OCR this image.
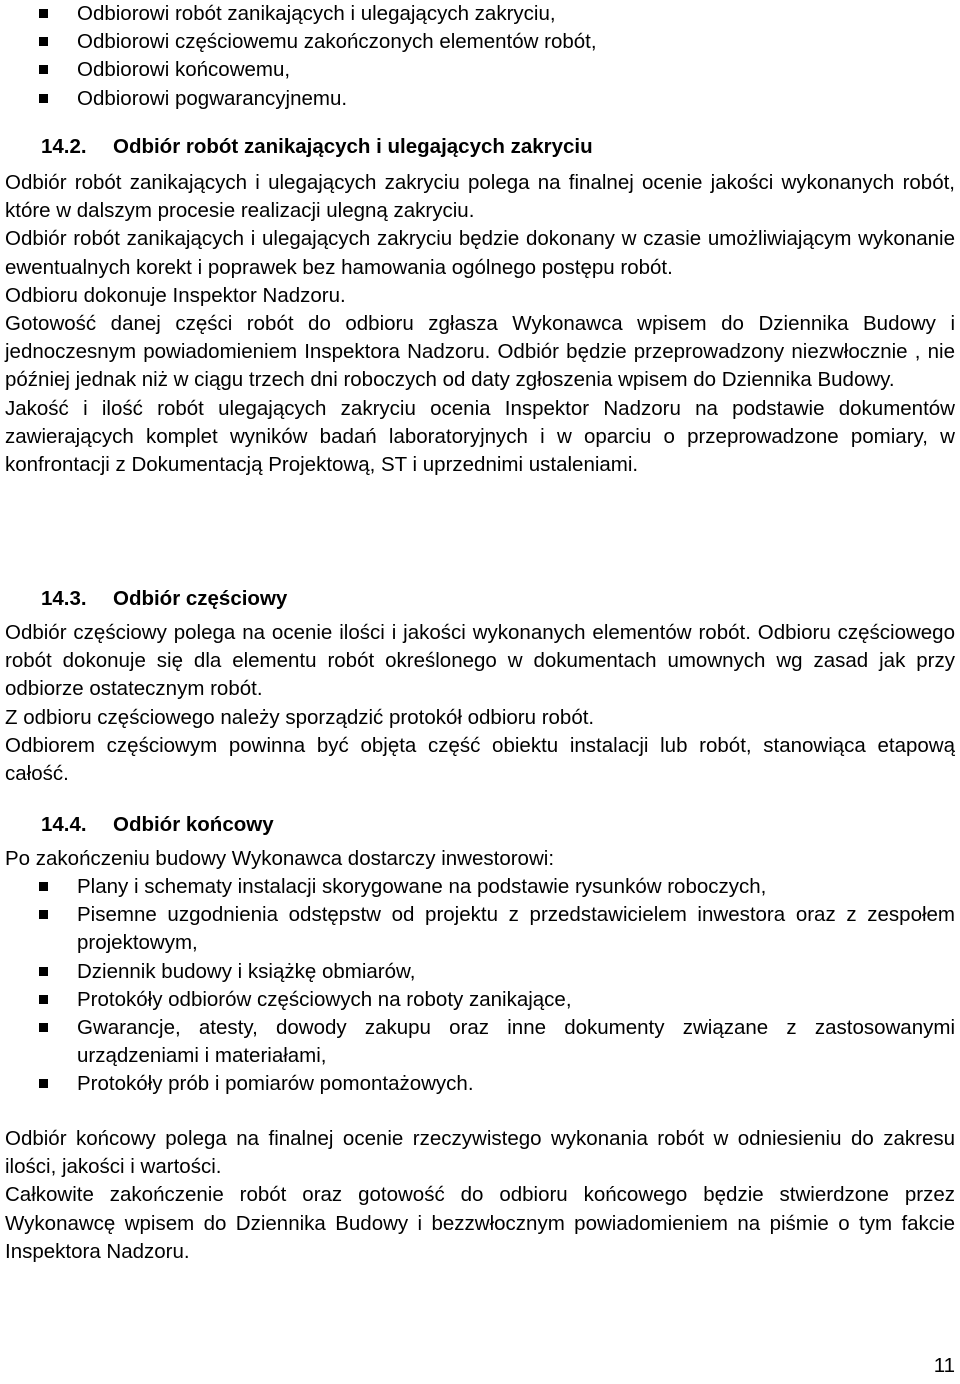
Odbiorowi robót zanikających i ulegających zakryciu,
Odbiorowi częściowemu zakończonych elementów robót,
Odbiorowi końcowemu,
Odbiorowi pogwarancyjnemu.
14.2. Odbiór robót zanikających i ulegających zakryciu

Odbiór robót zanikających i ulegających zakryciu polega na finalnej ocenie jakości wykonanych robót, które w dalszym procesie realizacji ulegną zakryciu.

Odbiór robót zanikających i ulegających zakryciu będzie dokonany w czasie umożliwiającym wykonanie ewentualnych korekt i poprawek bez hamowania ogólnego postępu robót.

Odbioru dokonuje Inspektor Nadzoru.

Gotowość danej części robót do odbioru zgłasza Wykonawca wpisem do Dziennika Budowy i jednoczesnym powiadomieniem Inspektora Nadzoru. Odbiór będzie przeprowadzony niezwłocznie , nie później jednak niż w ciągu trzech dni roboczych od daty zgłoszenia wpisem do Dziennika Budowy.

Jakość i ilość robót ulegających zakryciu ocenia Inspektor Nadzoru na podstawie dokumentów zawierających komplet wyników badań laboratoryjnych i w oparciu o przeprowadzone pomiary, w konfrontacji z Dokumentacją Projektową, ST i uprzednimi ustaleniami.

14.3. Odbiór częściowy

Odbiór częściowy polega na ocenie ilości i jakości wykonanych elementów robót. Odbioru częściowego robót dokonuje się dla elementu robót określonego w dokumentach umownych wg zasad jak przy odbiorze ostatecznym robót.

Z odbioru częściowego należy sporządzić protokół odbioru robót.

Odbiorem częściowym powinna być objęta część obiektu instalacji lub robót, stanowiąca etapową całość.

14.4. Odbiór końcowy

Po zakończeniu budowy Wykonawca dostarczy inwestorowi:

Plany i schematy instalacji skorygowane na podstawie rysunków roboczych,
Pisemne uzgodnienia odstępstw od projektu z przedstawicielem inwestora oraz z zespołem projektowym,
Dziennik budowy i książkę obmiarów,
Protokóły odbiorów częściowych na roboty zanikające,
Gwarancje, atesty, dowody zakupu oraz inne dokumenty związane z zastosowanymi urządzeniami i materiałami,
Protokóły prób i pomiarów pomontażowych.

Odbiór końcowy polega na finalnej ocenie rzeczywistego wykonania robót w odniesieniu do zakresu ilości, jakości i wartości.

Całkowite zakończenie robót oraz gotowość do odbioru końcowego będzie stwierdzone przez Wykonawcę wpisem do Dziennika Budowy i bezzwłocznym powiadomieniem na piśmie o tym fakcie Inspektora Nadzoru.

11
